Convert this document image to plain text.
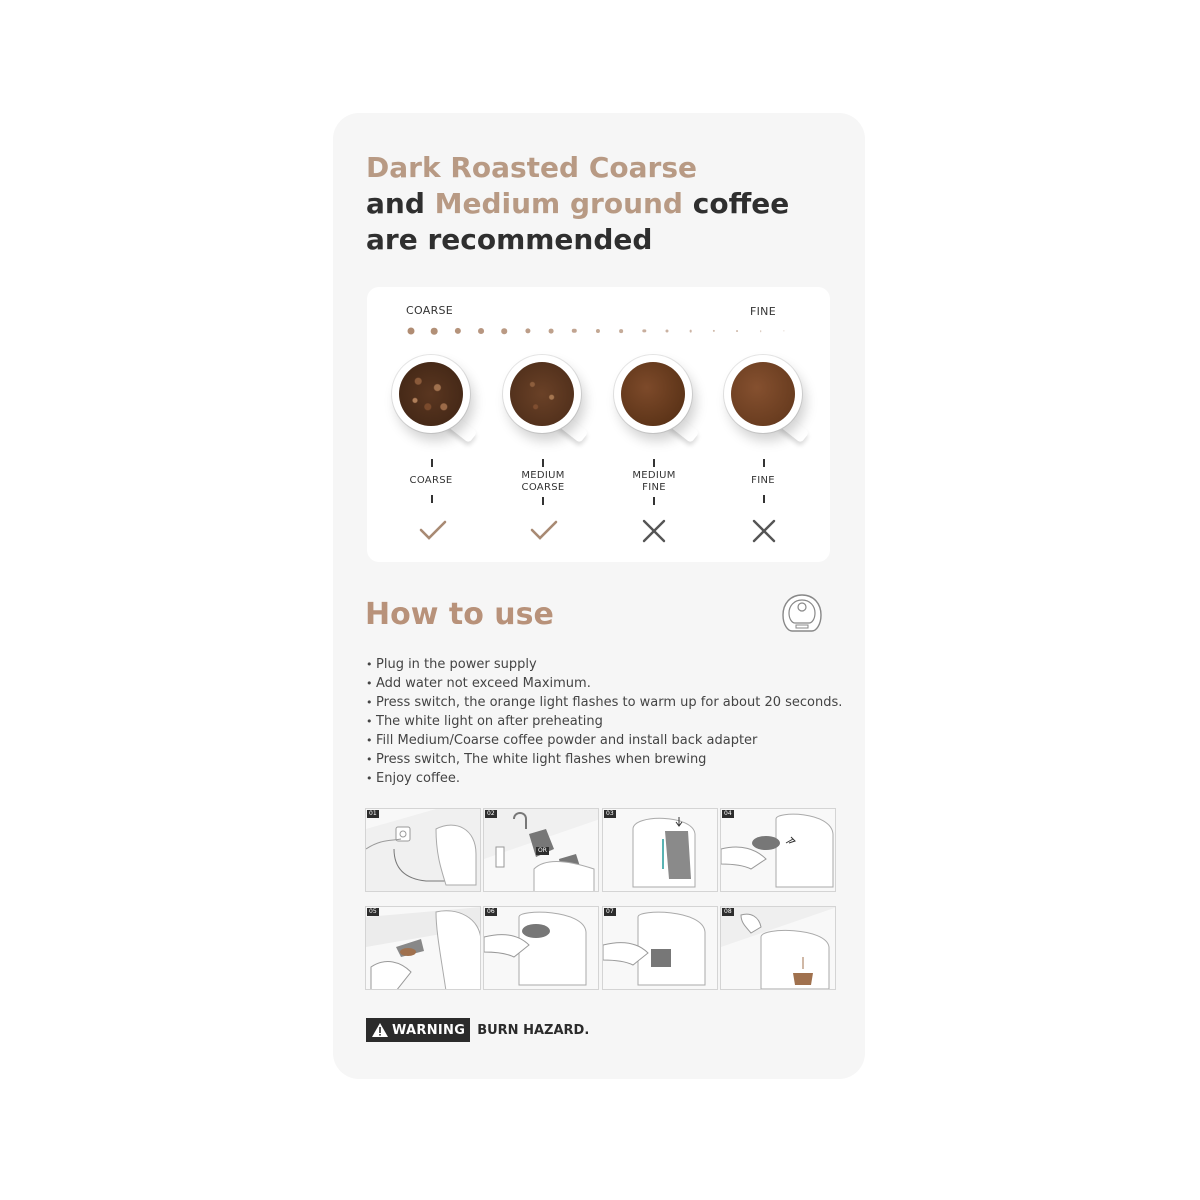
Dark Roasted Coarse
and Medium ground coffee
are recommended
COARSE	FINE
COARSE	MEDIUM
COARSE
MEDIUM
FINE
FINE
How to use
• Plug in the power supply
• Add water not exceed Maximum.
• Press switch, the orange light flashes to warm up for about 20 seconds.
• The white light on after preheating
• Fill Medium/Coarse coffee powder and install back adapter
• Press switch, The white light flashes when brewing
• Enjoy coffee.
01	02
OR
03	04
05	06	07	08
WARNING BURN HAZARD.
